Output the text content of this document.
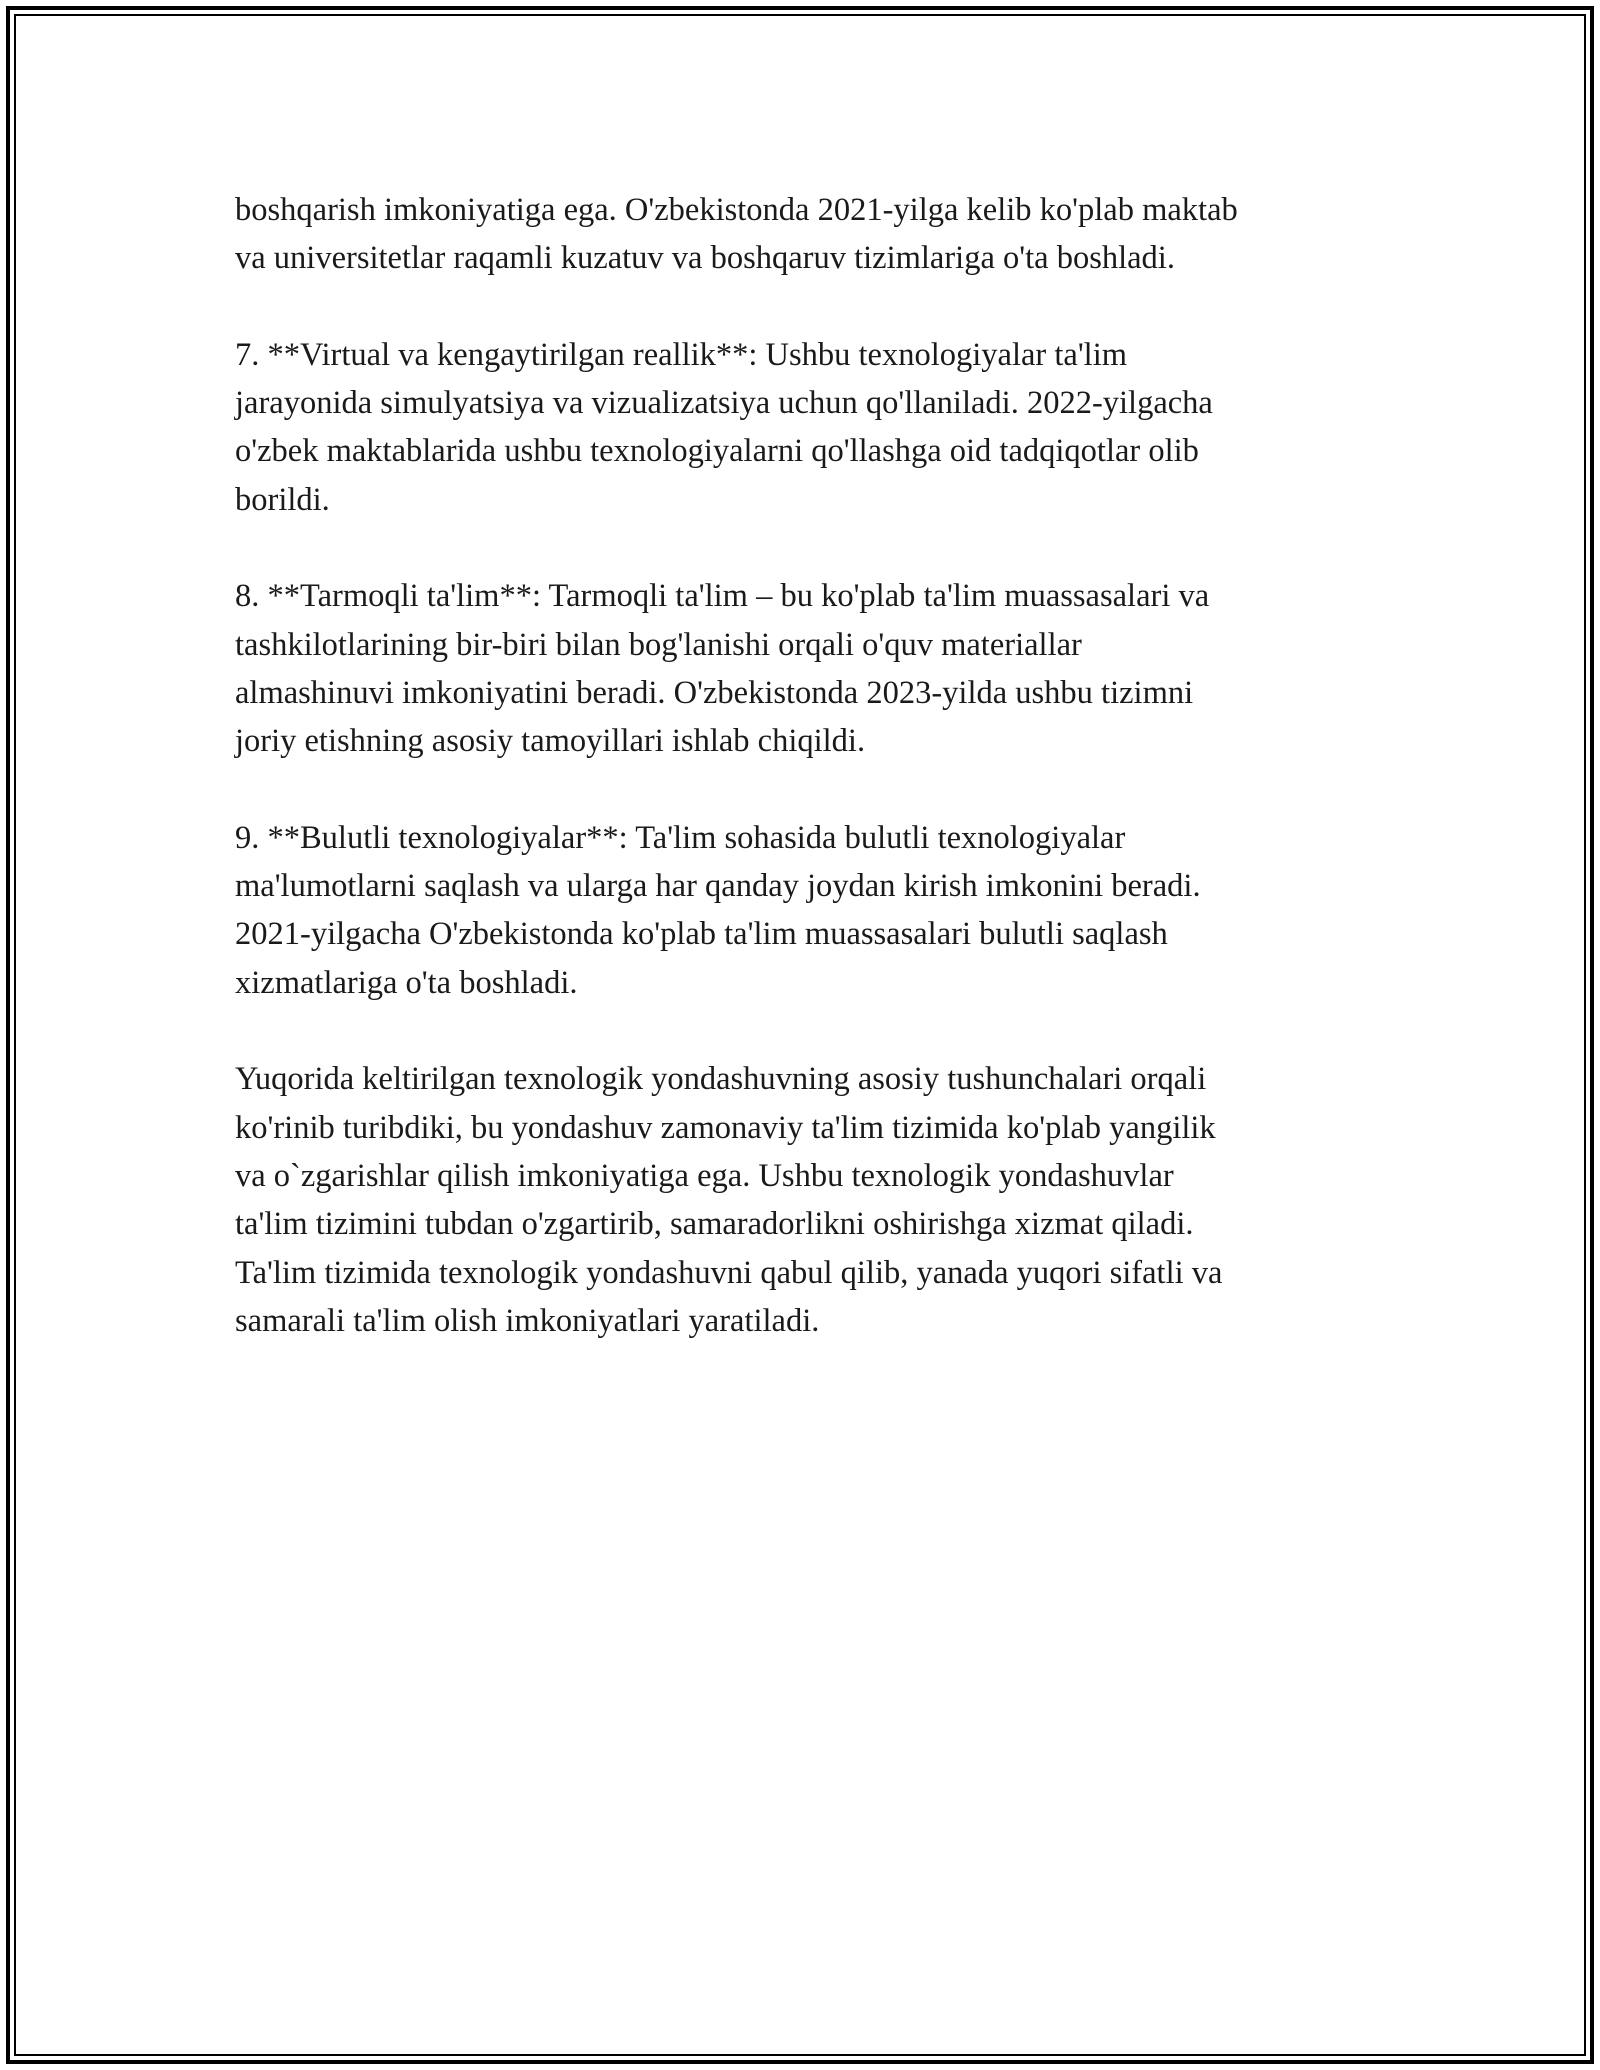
boshqarish imkoniyatiga ega. O'zbekistonda 2021-yilga kelib ko'plab maktab
va universitetlar raqamli kuzatuv va boshqaruv tizimlariga o'ta boshladi.

7. **Virtual va kengaytirilgan reallik**: Ushbu texnologiyalar ta'lim
jarayonida simulyatsiya va vizualizatsiya uchun qo'llaniladi. 2022-yilgacha
o'zbek maktablarida ushbu texnologiyalarni qo'llashga oid tadqiqotlar olib
borildi.

8. **Tarmoqli ta'lim**: Tarmoqli ta'lim – bu ko'plab ta'lim muassasalari va
tashkilotlarining bir-biri bilan bog'lanishi orqali o'quv materiallar
almashinuvi imkoniyatini beradi. O'zbekistonda 2023-yilda ushbu tizimni
joriy etishning asosiy tamoyillari ishlab chiqildi.

9. **Bulutli texnologiyalar**: Ta'lim sohasida bulutli texnologiyalar
ma'lumotlarni saqlash va ularga har qanday joydan kirish imkonini beradi.
2021-yilgacha O'zbekistonda ko'plab ta'lim muassasalari bulutli saqlash
xizmatlariga o'ta boshladi.

Yuqorida keltirilgan texnologik yondashuvning asosiy tushunchalari orqali
ko'rinib turibdiki, bu yondashuv zamonaviy ta'lim tizimida ko'plab yangilik
va o`zgarishlar qilish imkoniyatiga ega. Ushbu texnologik yondashuvlar
ta'lim tizimini tubdan o'zgartirib, samaradorlikni oshirishga xizmat qiladi.
Ta'lim tizimida texnologik yondashuvni qabul qilib, yanada yuqori sifatli va
samarali ta'lim olish imkoniyatlari yaratiladi.
